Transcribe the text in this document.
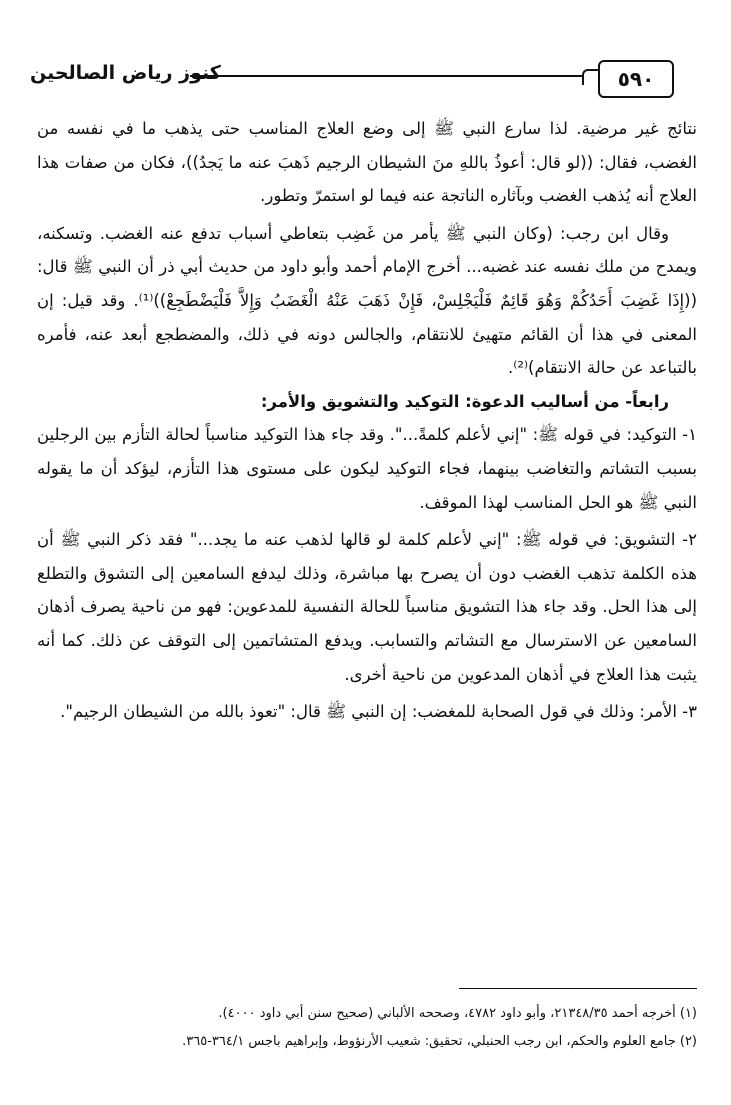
٥٩٠
كنوز رياض الصالحين

نتائج غير مرضية. لذا سارع النبي ﷺ إلى وضع العلاج المناسب حتى يذهب ما في نفسه من الغضب، فقال: ((لو قال: أعوذُ باللهِ منَ الشيطان الرجيم ذَهبَ عنه ما يَجدُ))، فكان من صفات هذا العلاج أنه يُذهب الغضب وبآثاره الناتجة عنه فيما لو استمرّ وتطور.

وقال ابن رجب: (وكان النبي ﷺ يأمر من غَضِب بتعاطي أسباب تدفع عنه الغضب. وتسكنه، ويمدح من ملك نفسه عند غضبه... أخرج الإمام أحمد وأبو داود من حديث أبي ذر أن النبي ﷺ قال: ((إِذَا غَضِبَ أَحَدُكُمْ وَهُوَ قَائِمٌ فَلْيَجْلِسْ، فَإِنْ ذَهَبَ عَنْهُ الْغَضَبُ وَإِلاَّ فَلْيَضْطَجِعْ))⁽¹⁾. وقد قيل: إن المعنى في هذا أن القائم متهيئ للانتقام، والجالس دونه في ذلك، والمضطجع أبعد عنه، فأمره بالتباعد عن حالة الانتقام)⁽²⁾.

رابعاً- من أساليب الدعوة: التوكيد والتشويق والأمر:

١- التوكيد: في قوله ﷺ: "إني لأعلم كلمةً...". وقد جاء هذا التوكيد مناسباً لحالة التأزم بين الرجلين بسبب التشاتم والتغاضب بينهما، فجاء التوكيد ليكون على مستوى هذا التأزم، ليؤكد أن ما يقوله النبي ﷺ هو الحل المناسب لهذا الموقف.

٢- التشويق: في قوله ﷺ: "إني لأعلم كلمة لو قالها لذهب عنه ما يجد..." فقد ذكر النبي ﷺ أن هذه الكلمة تذهب الغضب دون أن يصرح بها مباشرة، وذلك ليدفع السامعين إلى التشوق والتطلع إلى هذا الحل. وقد جاء هذا التشويق مناسباً للحالة النفسية للمدعوين: فهو من ناحية يصرف أذهان السامعين عن الاسترسال مع التشاتم والتسابب. ويدفع المتشاتمين إلى التوقف عن ذلك. كما أنه يثبت هذا العلاج في أذهان المدعوين من ناحية أخرى.

٣- الأمر: وذلك في قول الصحابة للمغضب: إن النبي ﷺ قال: "تعوذ بالله من الشيطان الرجيم".

(١) أخرجه أحمد ٢١٣٤٨/٣٥، وأبو داود ٤٧٨٢، وصححه الألباني (صحيح سنن أبي داود ٤٠٠٠).
(٢) جامع العلوم والحكم، ابن رجب الحنبلي، تحقيق: شعيب الأرنؤوط، وإبراهيم باجس ٣٦٤/١-٣٦٥.
